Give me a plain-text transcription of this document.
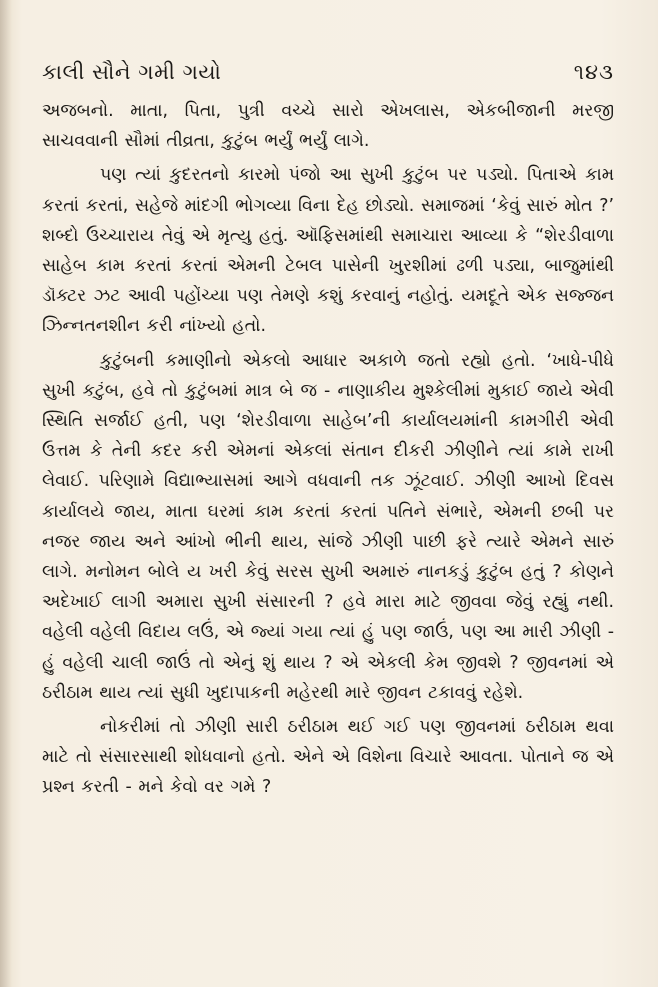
કાલી સૌને ગમી ગયો	૧૪૩

અજબનો. માતા, પિતા, પુત્રી વચ્ચે સારો એખલાસ, એકબીજાની મરજી સાચવવાની સૌમાં તીવ્રતા, કુટુંબ ભર્યું ભર્યું લાગે.

પણ ત્યાં કુદરતનો કારમો પંજો આ સુખી કુટુંબ પર પડ્યો. પિતાએ કામ કરતાં કરતાં, સહેજે માંદગી ભોગવ્યા વિના દેહ છોડ્યો. સમાજમાં ‘કેવું સારું મોત ?’ શબ્દો ઉચ્ચારાય તેવું એ મૃત્યુ હતું. ઑફિસમાંથી સમાચારા આવ્યા કે “શેરડીવાળા સાહેબ કામ કરતાં કરતાં એમની ટેબલ પાસેની ખુરશીમાં ઢળી પડ્યા, બાજુમાંથી ડૉક્ટર ઝટ આવી પહોંચ્યા પણ તેમણે કશું કરવાનું નહોતું. યમદૂતે એક સજ્જન ઝિન્નતનશીન કરી નાંખ્યો હતો.

કુટુંબની કમાણીનો એકલો આધાર અકાળે જતો રહ્યો હતો. ‘ખાધે-પીધે સુખી કટુંબ, હવે તો કુટુંબમાં માત્ર બે જ - નાણાકીય મુશ્કેલીમાં મુકાઈ જાયે એવી સ્થિતિ સર્જાઈ હતી, પણ ‘શેરડીવાળા સાહેબ’ની કાર્યાલયમાંની કામગીરી એવી ઉત્તમ કે તેની કદર કરી એમનાં એકલાં સંતાન દીકરી ઝીણીને ત્યાં કામે રાખી લેવાઈ. પરિણામે વિદ્યાભ્યાસમાં આગે વધવાની તક ઝૂંટવાઈ. ઝીણી આખો દિવસ કાર્યાલયે જાય, માતા ઘરમાં કામ કરતાં કરતાં પતિને સંભારે, એમની છબી પર નજર જાય અને આંખો ભીની થાય, સાંજે ઝીણી પાછી ફરે ત્યારે એમને સારું લાગે. મનોમન બોલે ય ખરી કેવું સરસ સુખી અમારું નાનકડું કુટુંબ હતું ? કોણને અદેખાઈ લાગી અમારા સુખી સંસારની ? હવે મારા માટે જીવવા જેવું રહ્યું નથી. વહેલી વહેલી વિદાય લઉં, એ જ્યાં ગયા ત્યાં હું પણ જાઉં, પણ આ મારી ઝીણી - હું વહેલી ચાલી જાઉં તો એનું શું થાય ? એ એકલી કેમ જીવશે ? જીવનમાં એ ઠરીઠામ થાય ત્યાં સુધી ખુદાપાકની મહેરથી મારે જીવન ટકાવવું રહેશે.

નોકરીમાં તો ઝીણી સારી ઠરીઠામ થઈ ગઈ પણ જીવનમાં ઠરીઠામ થવા માટે તો સંસારસાથી શોધવાનો હતો. એને એ વિશેના વિચારે આવતા. પોતાને જ એ પ્રશ્ન કરતી - મને કેવો વર ગમે ?
